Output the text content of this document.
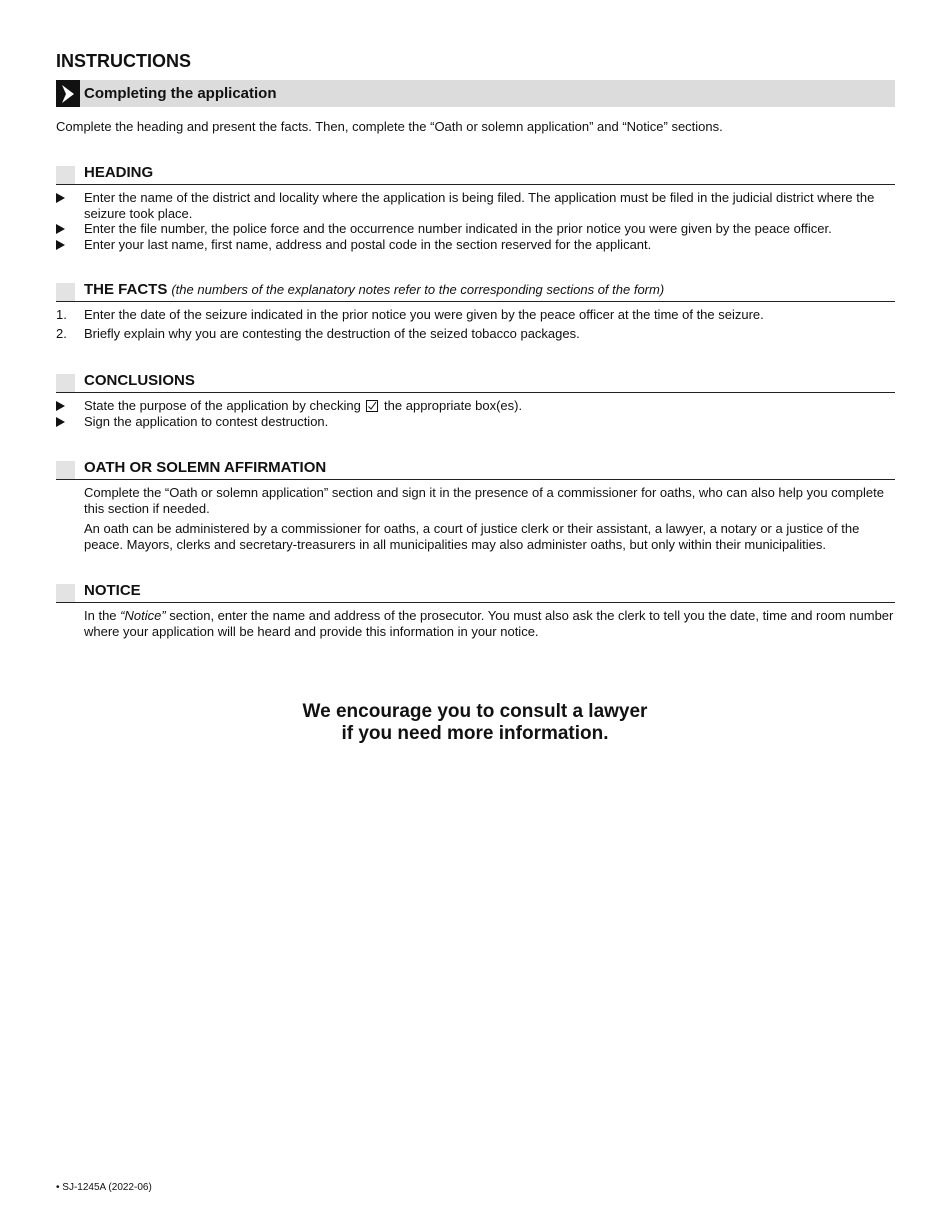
INSTRUCTIONS
Completing the application
Complete the heading and present the facts. Then, complete the “Oath or solemn application” and “Notice” sections.
HEADING
Enter the name of the district and locality where the application is being filed. The application must be filed in the judicial district where the seizure took place.
Enter the file number, the police force and the occurrence number indicated in the prior notice you were given by the peace officer.
Enter your last name, first name, address and postal code in the section reserved for the applicant.
THE FACTS (the numbers of the explanatory notes refer to the corresponding sections of the form)
1.	Enter the date of the seizure indicated in the prior notice you were given by the peace officer at the time of the seizure.
2.	Briefly explain why you are contesting the destruction of the seized tobacco packages.
CONCLUSIONS
State the purpose of the application by checking the appropriate box(es).
Sign the application to contest destruction.
OATH OR SOLEMN AFFIRMATION
Complete the “Oath or solemn application” section and sign it in the presence of a commissioner for oaths, who can also help you complete this section if needed.
An oath can be administered by a commissioner for oaths, a court of justice clerk or their assistant, a lawyer, a notary or a justice of the peace. Mayors, clerks and secretary-treasurers in all municipalities may also administer oaths, but only within their municipalities.
NOTICE
In the “Notice” section, enter the name and address of the prosecutor. You must also ask the clerk to tell you the date, time and room number where your application will be heard and provide this information in your notice.
We encourage you to consult a lawyer
if you need more information.
• SJ-1245A (2022-06)
